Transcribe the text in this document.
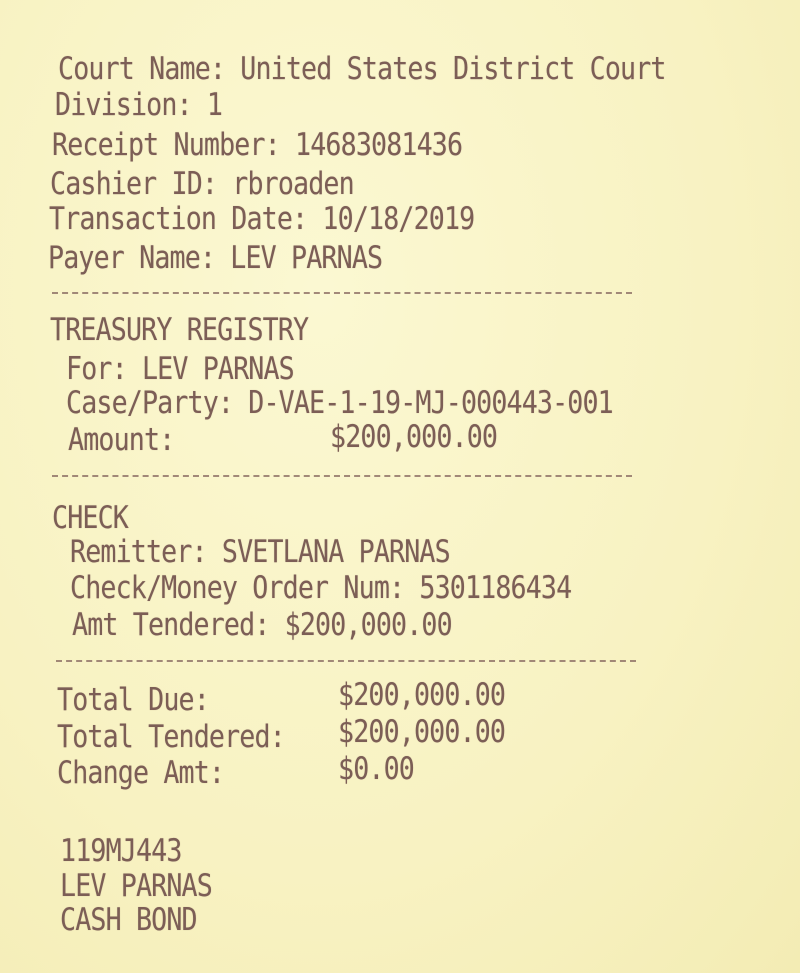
Court Name: United States District Court
Division: 1
Receipt Number: 14683081436
Cashier ID: rbroaden
Transaction Date: 10/18/2019
Payer Name: LEV PARNAS
TREASURY REGISTRY
For: LEV PARNAS
Case/Party: D-VAE-1-19-MJ-000443-001
Amount:	$200,000.00
CHECK
Remitter: SVETLANA PARNAS
Check/Money Order Num: 5301186434
Amt Tendered: $200,000.00
Total Due:	$200,000.00
Total Tendered: $200,000.00
Change Amt:	$0.00
119MJ443
LEV PARNAS
CASH BOND
